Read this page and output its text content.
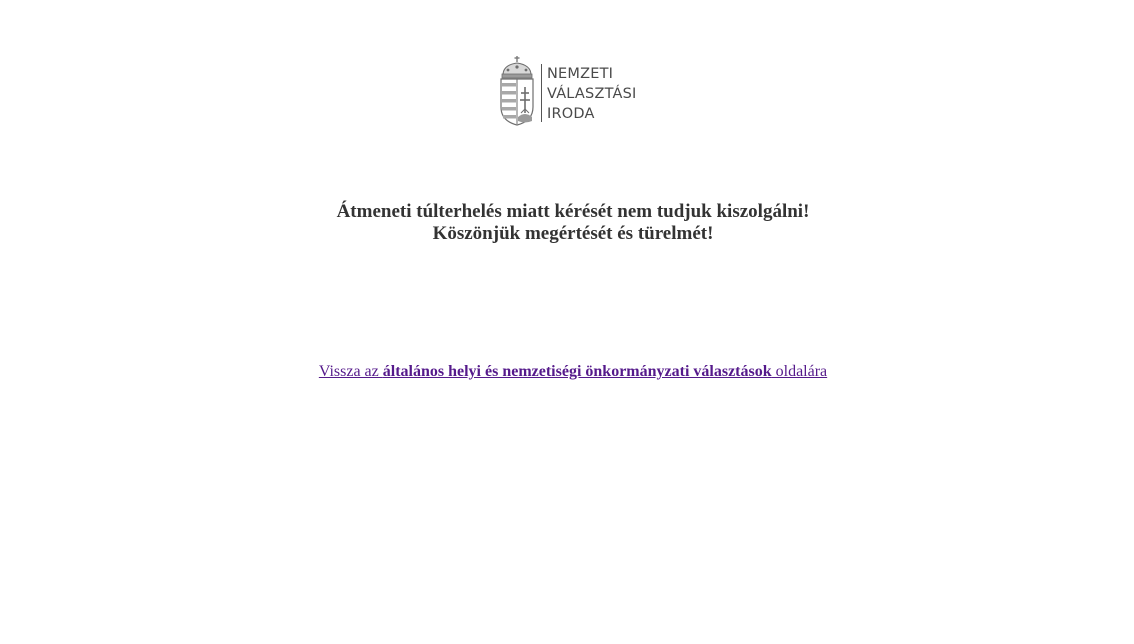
NEMZETI
VÁLASZTÁSI
IRODA
Átmeneti túlterhelés miatt kérését nem tudjuk kiszolgálni!
Köszönjük megértését és türelmét!
Vissza az általános helyi és nemzetiségi önkormányzati választások oldalára
